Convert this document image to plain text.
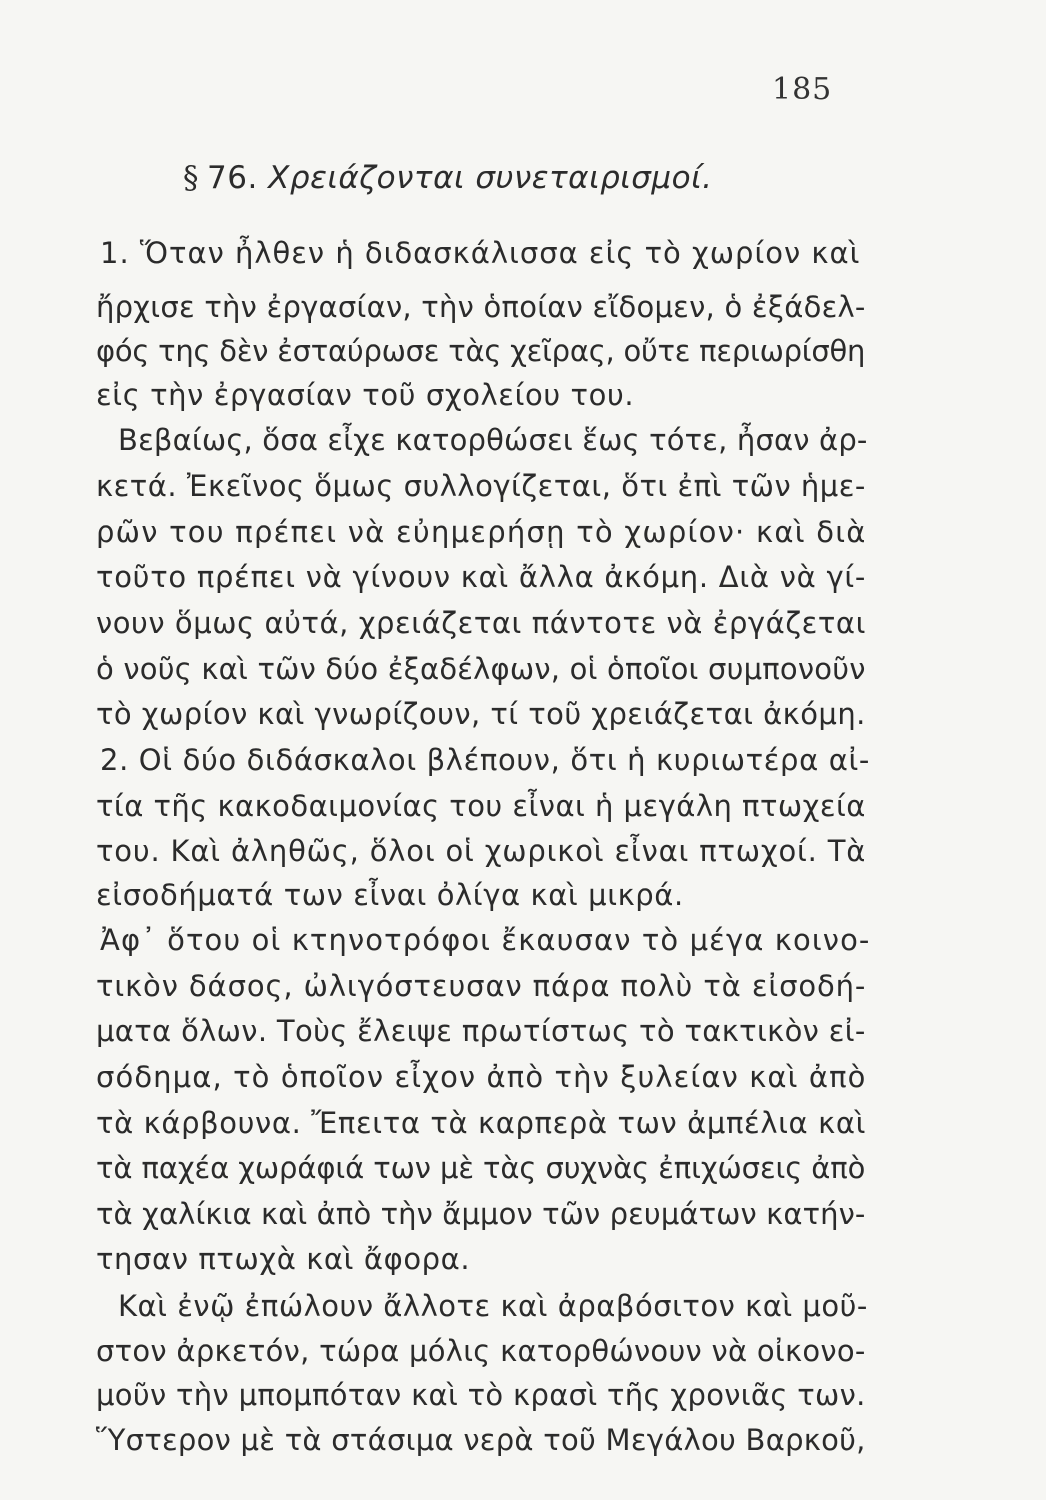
185
§ 76. Χρειάζονται συνεταιρισμοί.
1. Ὅταν ἦλθεν ἡ διδασκάλισσα εἰς τὸ χωρίον καὶ
ἤρχισε τὴν ἐργασίαν, τὴν ὁποίαν εἴδομεν, ὁ ἐξάδελ-
φός της δὲν ἐσταύρωσε τὰς χεῖρας, οὔτε περιωρίσθη
εἰς τὴν ἐργασίαν τοῦ σχολείου του.
Βεβαίως, ὅσα εἶχε κατορθώσει ἕως τότε, ἦσαν ἀρ-
κετά. Ἐκεῖνος ὅμως συλλογίζεται, ὅτι ἐπὶ τῶν ἡμε-
ρῶν του πρέπει νὰ εὐημερήσῃ τὸ χωρίον· καὶ διὰ
τοῦτο πρέπει νὰ γίνουν καὶ ἄλλα ἀκόμη. Διὰ νὰ γί-
νουν ὅμως αὐτά, χρειάζεται πάντοτε νὰ ἐργάζεται
ὁ νοῦς καὶ τῶν δύο ἐξαδέλφων, οἱ ὁποῖοι συμπονοῦν
τὸ χωρίον καὶ γνωρίζουν, τί τοῦ χρειάζεται ἀκόμη.
2. Οἱ δύο διδάσκαλοι βλέπουν, ὅτι ἡ κυριωτέρα αἰ-
τία τῆς κακοδαιμονίας του εἶναι ἡ μεγάλη πτωχεία
του. Καὶ ἀληθῶς, ὅλοι οἱ χωρικοὶ εἶναι πτωχοί. Τὰ
εἰσοδήματά των εἶναι ὀλίγα καὶ μικρά.
Ἀφ᾿ ὅτου οἱ κτηνοτρόφοι ἔκαυσαν τὸ μέγα κοινο-
τικὸν δάσος, ὠλιγόστευσαν πάρα πολὺ τὰ εἰσοδή-
ματα ὅλων. Τοὺς ἔλειψε πρωτίστως τὸ τακτικὸν εἰ-
σόδημα, τὸ ὁποῖον εἶχον ἀπὸ τὴν ξυλείαν καὶ ἀπὸ
τὰ κάρβουνα. Ἔπειτα τὰ καρπερὰ των ἀμπέλια καὶ
τὰ παχέα χωράφιά των μὲ τὰς συχνὰς ἐπιχώσεις ἀπὸ
τὰ χαλίκια καὶ ἀπὸ τὴν ἄμμον τῶν ρευμάτων κατήν-
τησαν πτωχὰ καὶ ἄφορα.
Καὶ ἐνῷ ἐπώλουν ἄλλοτε καὶ ἀραβόσιτον καὶ μοῦ-
στον ἀρκετόν, τώρα μόλις κατορθώνουν νὰ οἰκονο-
μοῦν τὴν μπομπόταν καὶ τὸ κρασὶ τῆς χρονιᾶς των.
Ὕστερον μὲ τὰ στάσιμα νερὰ τοῦ Μεγάλου Βαρκοῦ,
